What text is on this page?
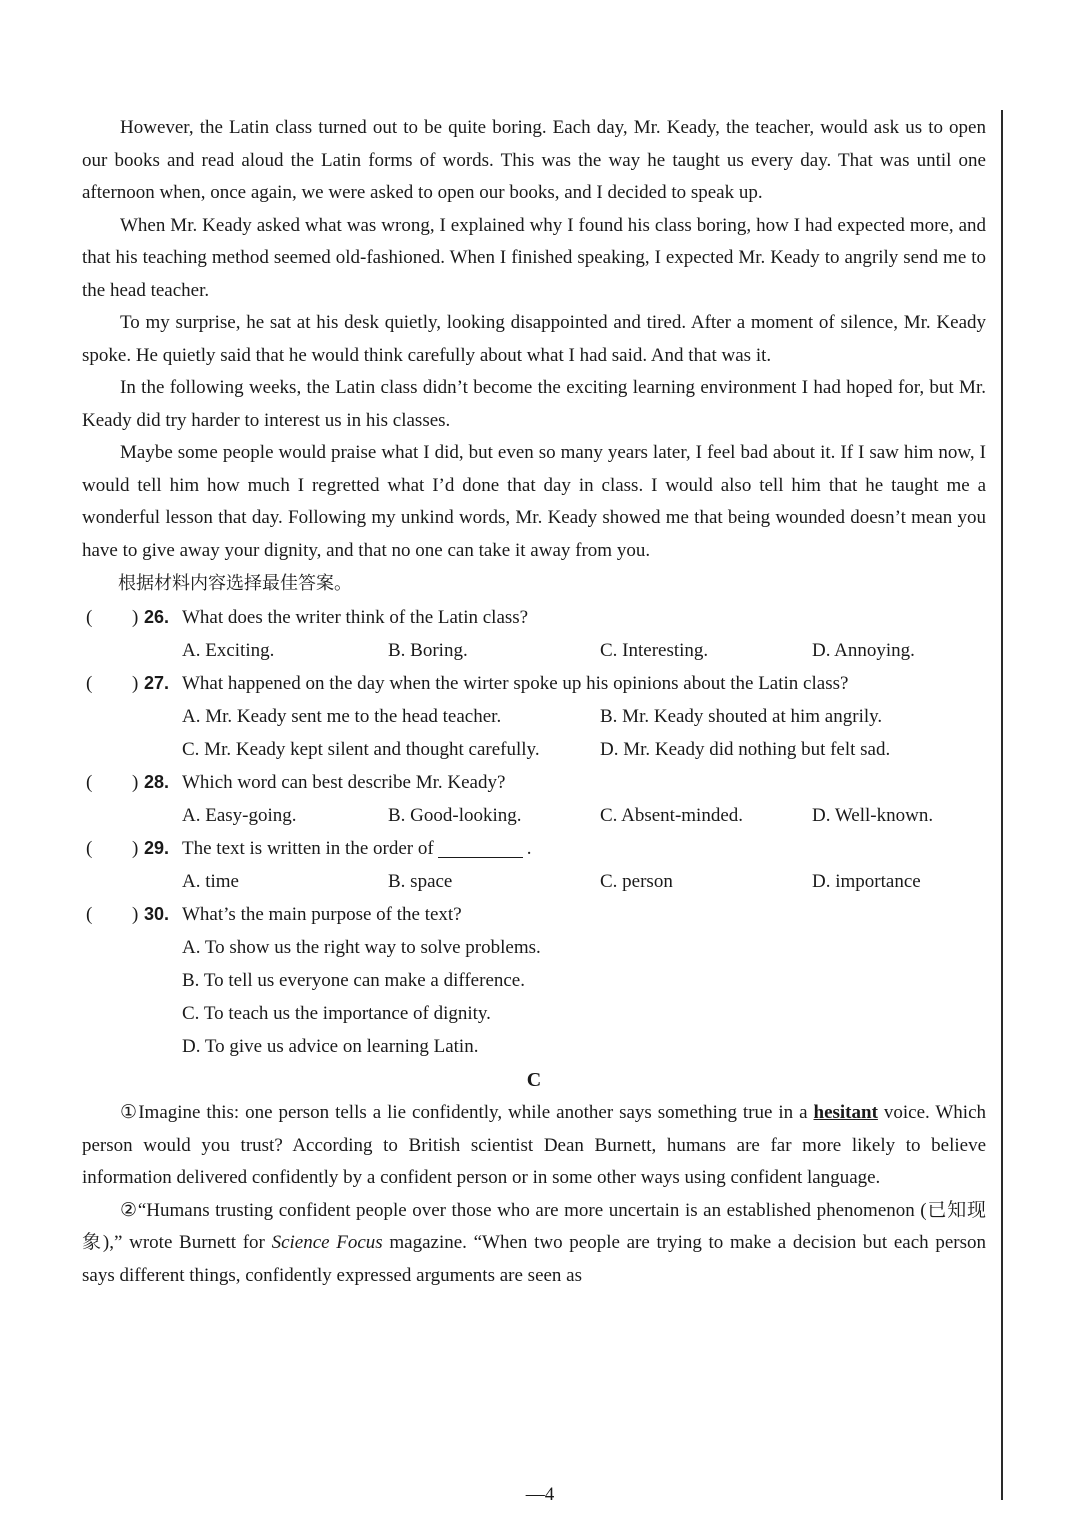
However, the Latin class turned out to be quite boring. Each day, Mr. Keady, the teacher, would ask us to open our books and read aloud the Latin forms of words. This was the way he taught us every day. That was until one afternoon when, once again, we were asked to open our books, and I decided to speak up.

When Mr. Keady asked what was wrong, I explained why I found his class boring, how I had expected more, and that his teaching method seemed old-fashioned. When I finished speaking, I expected Mr. Keady to angrily send me to the head teacher.

To my surprise, he sat at his desk quietly, looking disappointed and tired. After a moment of silence, Mr. Keady spoke. He quietly said that he would think carefully about what I had said. And that was it.

In the following weeks, the Latin class didn’t become the exciting learning environment I had hoped for, but Mr. Keady did try harder to interest us in his classes.

Maybe some people would praise what I did, but even so many years later, I feel bad about it. If I saw him now, I would tell him how much I regretted what I’d done that day in class. I would also tell him that he taught me a wonderful lesson that day. Following my unkind words, Mr. Keady showed me that being wounded doesn’t mean you have to give away your dignity, and that no one can take it away from you.

根据材料内容选择最佳答案。

( ) 26. What does the writer think of the Latin class?
A. Exciting.	B. Boring.	C. Interesting.	D. Annoying.
( ) 27. What happened on the day when the wirter spoke up his opinions about the Latin class?
A. Mr. Keady sent me to the head teacher.	B. Mr. Keady shouted at him angrily.
C. Mr. Keady kept silent and thought carefully.	D. Mr. Keady did nothing but felt sad.
( ) 28. Which word can best describe Mr. Keady?
A. Easy-going.	B. Good-looking.	C. Absent-minded.	D. Well-known.
( ) 29. The text is written in the order of	.
A. time	B. space	C. person	D. importance
( ) 30. What’s the main purpose of the text?
A. To show us the right way to solve problems.
B. To tell us everyone can make a difference.
C. To teach us the importance of dignity.
D. To give us advice on learning Latin.
C

①Imagine this: one person tells a lie confidently, while another says something true in a hesitant voice. Which person would you trust? According to British scientist Dean Burnett, humans are far more likely to believe information delivered confidently by a confident person or in some other ways using confident language.

②“Humans trusting confident people over those who are more uncertain is an established phenomenon (已知现象),” wrote Burnett for Science Focus magazine. “When two people are trying to make a decision but each person says different things, confidently expressed arguments are seen as

—4
